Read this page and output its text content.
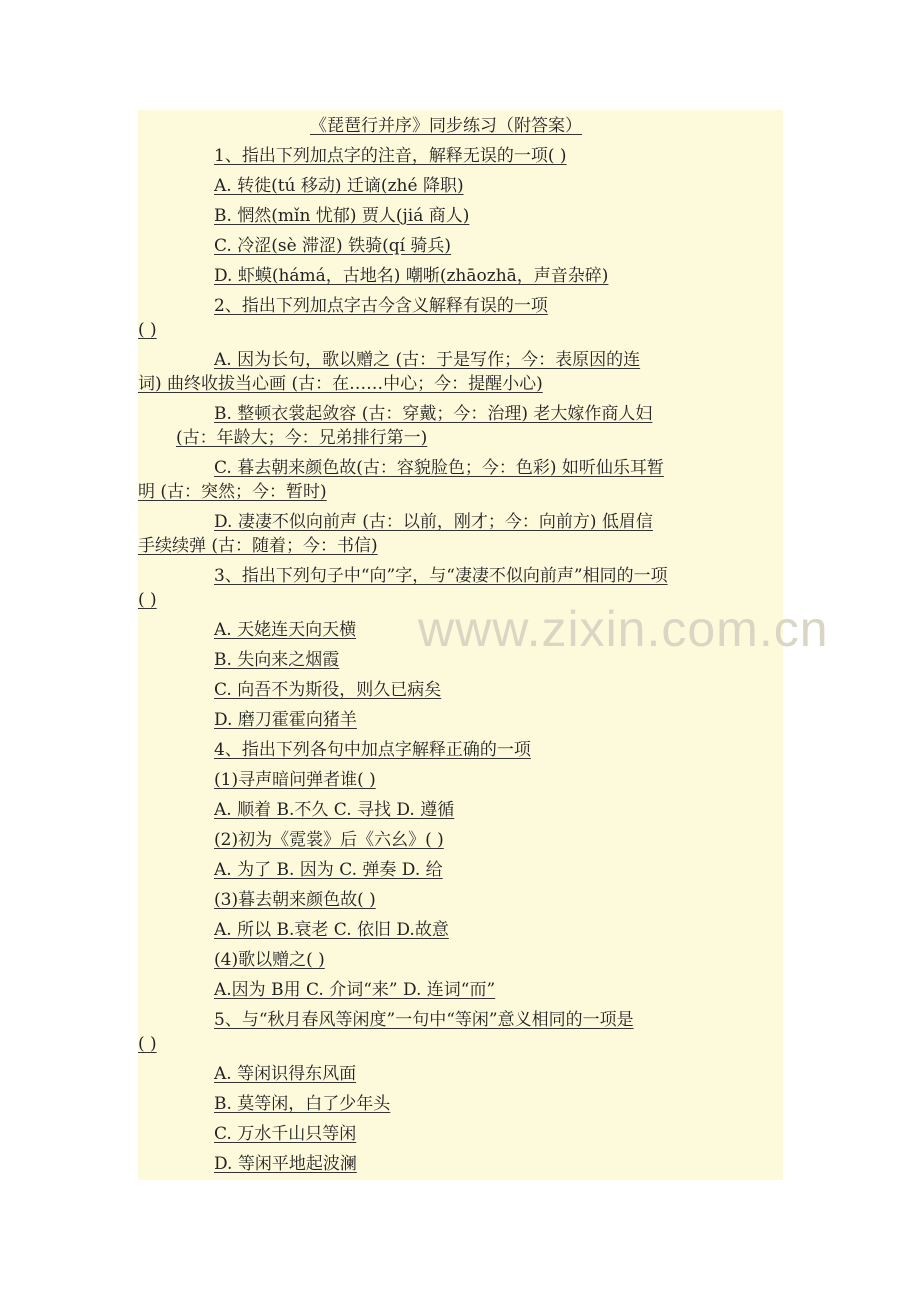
《琵琶行并序》同步练习（附答案）
1、指出下列加点字的注音，解释无误的一项( )
A. 转徙(tú 移动) 迁谪(zhé 降职)
B. 惘然(mǐn 忧郁) 贾人(jiá 商人)
C. 冷涩(sè 滞涩) 铁骑(qí 骑兵)
D. 虾蟆(hámá，古地名) 嘲哳(zhāozhā，声音杂碎)
2、指出下列加点字古今含义解释有误的一项
( )
A. 因为长句，歌以赠之 (古：于是写作；今：表原因的连
词) 曲终收拔当心画 (古：在……中心；今：提醒小心)
B. 整顿衣裳起敛容 (古：穿戴；今：治理) 老大嫁作商人妇
(古：年龄大；今：兄弟排行第一)
C. 暮去朝来颜色故(古：容貌脸色；今：色彩) 如听仙乐耳暂
明 (古：突然；今：暂时)
D. 凄凄不似向前声 (古：以前，刚才；今：向前方) 低眉信
手续续弹 (古：随着；今：书信)
3、指出下列句子中“向”字，与“凄凄不似向前声”相同的一项
( )
A. 天姥连天向天横
B. 失向来之烟霞
C. 向吾不为斯役，则久已病矣
D. 磨刀霍霍向猪羊
4、指出下列各句中加点字解释正确的一项
(1)寻声暗问弹者谁( )
A. 顺着 B.不久 C. 寻找 D. 遵循
(2)初为《霓裳》后《六幺》( )
A. 为了 B. 因为 C. 弹奏 D. 给
(3)暮去朝来颜色故( )
A. 所以 B.衰老 C. 依旧 D.故意
(4)歌以赠之( )
A.因为 B用 C. 介词“来” D. 连词“而”
5、与“秋月春风等闲度”一句中“等闲”意义相同的一项是
( )
A. 等闲识得东风面
B. 莫等闲，白了少年头
C. 万水千山只等闲
D. 等闲平地起波澜
www.zixin.com.cn
